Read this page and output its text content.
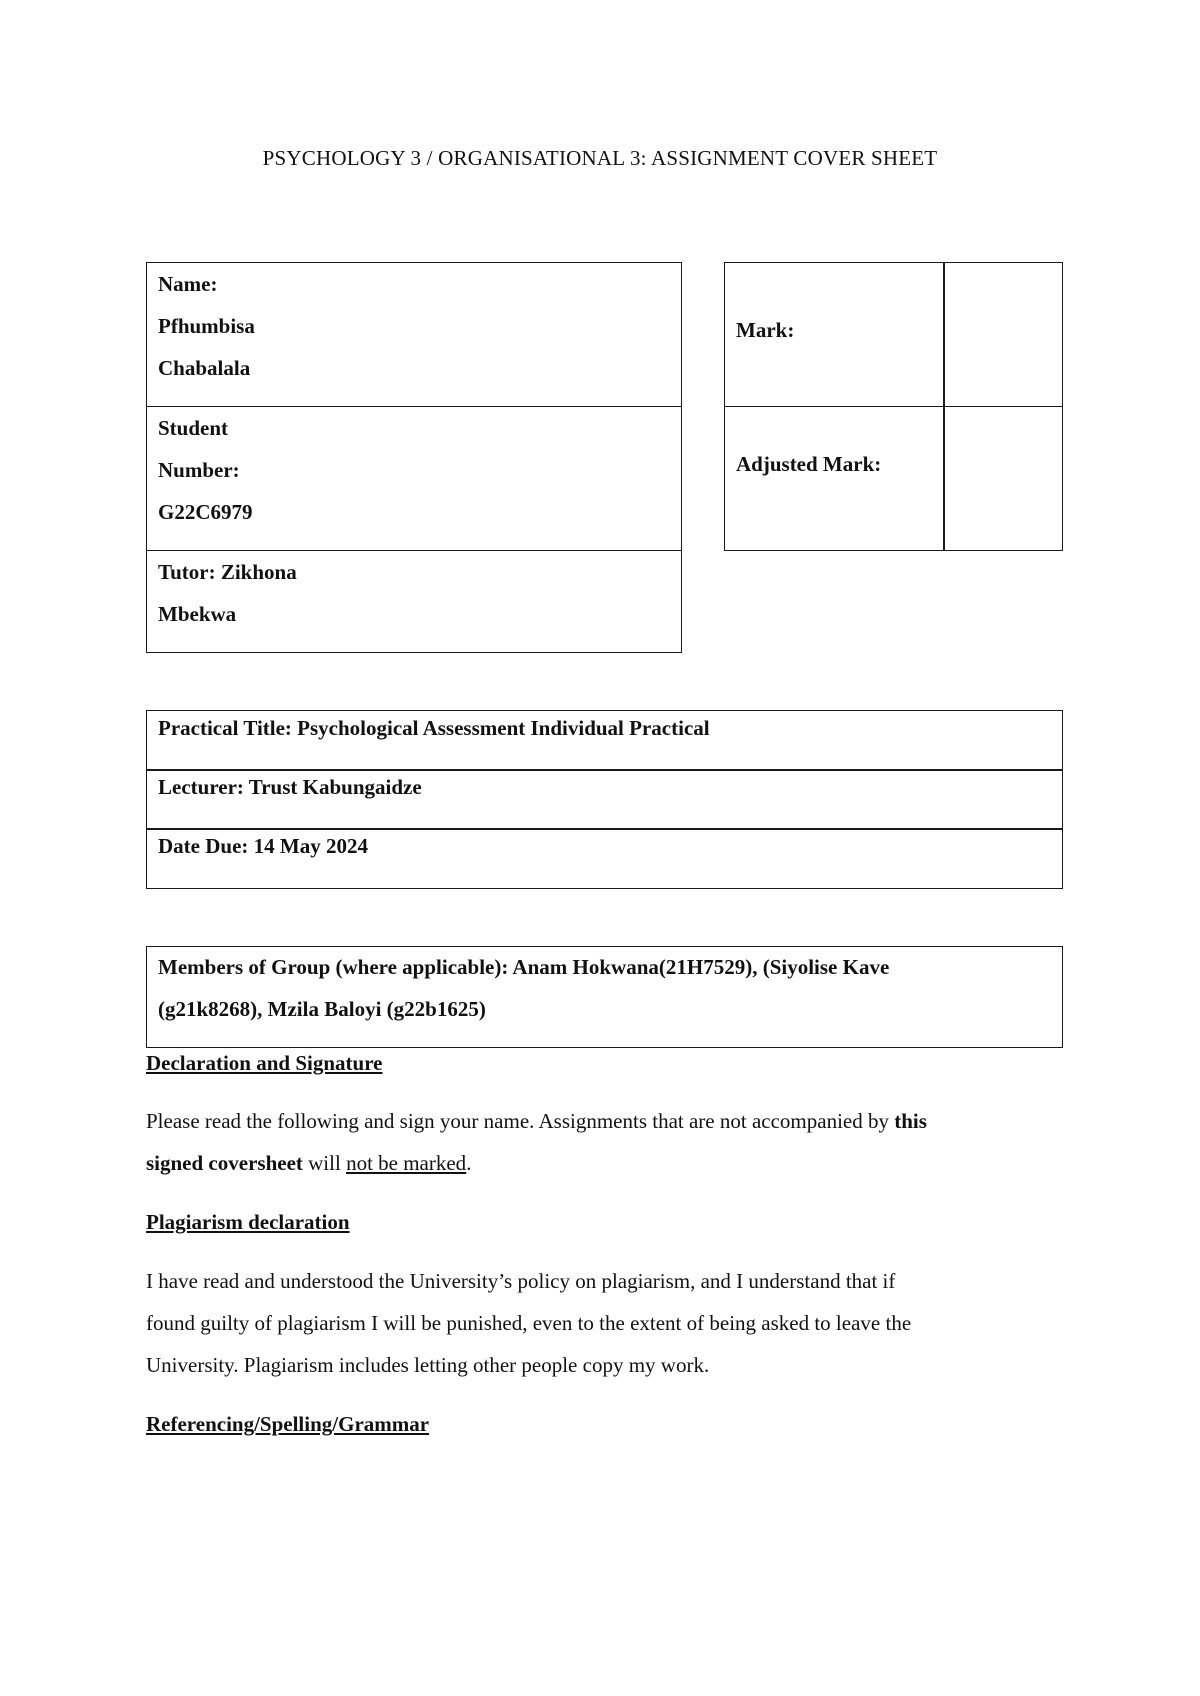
PSYCHOLOGY 3 / ORGANISATIONAL 3: ASSIGNMENT COVER SHEET
Name:
Pfhumbisa
Chabalala
Student
Number:
G22C6979
Tutor: Zikhona
Mbekwa
Mark:
Adjusted Mark:
Practical Title: Psychological Assessment Individual Practical
Lecturer: Trust Kabungaidze
Date Due: 14 May 2024
Members of Group (where applicable): Anam Hokwana(21H7529), (Siyolise Kave
(g21k8268), Mzila Baloyi (g22b1625)
Declaration and Signature
Please read the following and sign your name. Assignments that are not accompanied by this
signed coversheet will not be marked.
Plagiarism declaration
I have read and understood the University’s policy on plagiarism, and I understand that if
found guilty of plagiarism I will be punished, even to the extent of being asked to leave the
University. Plagiarism includes letting other people copy my work.
Referencing/Spelling/Grammar
